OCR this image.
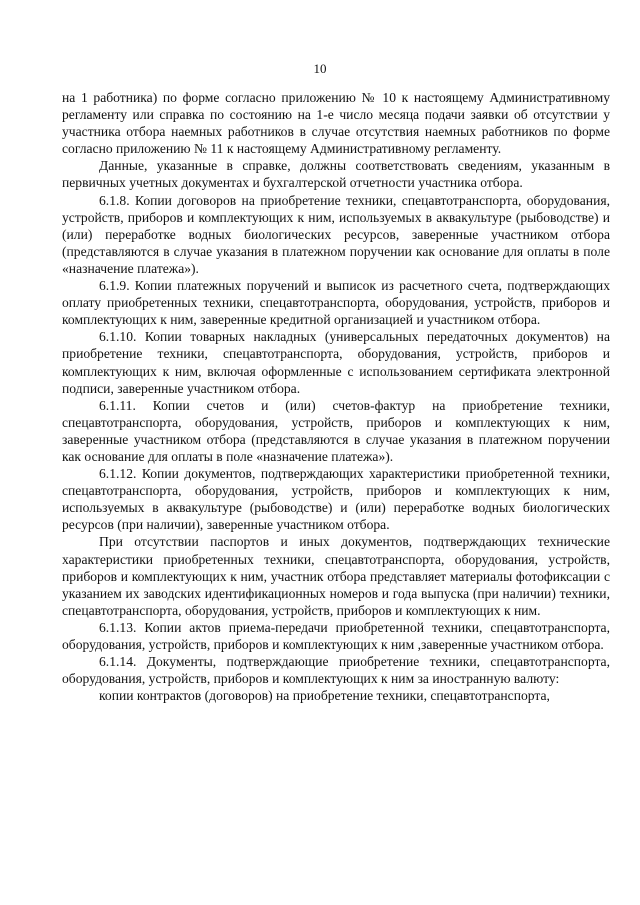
10

на 1 работника) по форме согласно приложению № 10 к настоящему Административному регламенту или справка по состоянию на 1-е число месяца подачи заявки об отсутствии у участника отбора наемных работников в случае отсутствия наемных работников по форме согласно приложению № 11 к настоящему Административному регламенту.

Данные, указанные в справке, должны соответствовать сведениям, указанным в первичных учетных документах и бухгалтерской отчетности участника отбора.

6.1.8. Копии договоров на приобретение техники, спецавтотранспорта, оборудования, устройств, приборов и комплектующих к ним, используемых в аквакультуре (рыбоводстве) и (или) переработке водных биологических ресурсов, заверенные участником отбора (представляются в случае указания в платежном поручении как основание для оплаты в поле «назначение платежа»).

6.1.9. Копии платежных поручений и выписок из расчетного счета, подтверждающих оплату приобретенных техники, спецавтотранспорта, оборудования, устройств, приборов и комплектующих к ним, заверенные кредитной организацией и участником отбора.

6.1.10. Копии товарных накладных (универсальных передаточных документов) на приобретение техники, спецавтотранспорта, оборудования, устройств, приборов и комплектующих к ним, включая оформленные с использованием сертификата электронной подписи, заверенные участником отбора.

6.1.11. Копии счетов и (или) счетов-фактур на приобретение техники, спецавтотранспорта, оборудования, устройств, приборов и комплектующих к ним, заверенные участником отбора (представляются в случае указания в платежном поручении как основание для оплаты в поле «назначение платежа»).

6.1.12. Копии документов, подтверждающих характеристики приобретенной техники, спецавтотранспорта, оборудования, устройств, приборов и комплектующих к ним, используемых в аквакультуре (рыбоводстве) и (или) переработке водных биологических ресурсов (при наличии), заверенные участником отбора.

При отсутствии паспортов и иных документов, подтверждающих технические характеристики приобретенных техники, спецавтотранспорта, оборудования, устройств, приборов и комплектующих к ним, участник отбора представляет материалы фотофиксации с указанием их заводских идентификационных номеров и года выпуска (при наличии) техники, спецавтотранспорта, оборудования, устройств, приборов и комплектующих к ним.

6.1.13. Копии актов приема-передачи приобретенной техники, спецавтотранспорта, оборудования, устройств, приборов и комплектующих к ним ,заверенные участником отбора.

6.1.14. Документы, подтверждающие приобретение техники, спецавтотранспорта, оборудования, устройств, приборов и комплектующих к ним за иностранную валюту:

копии контрактов (договоров) на приобретение техники, спецавтотранспорта,
